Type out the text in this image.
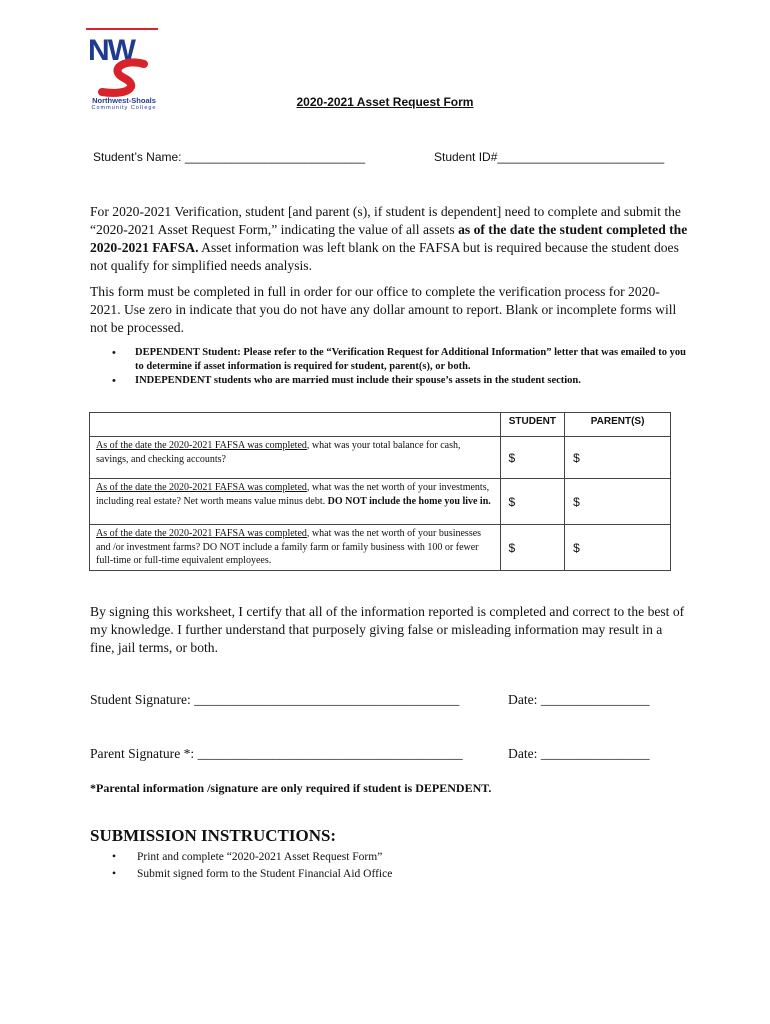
NW
Northwest-Shoals
Community College	2020-2021 Asset Request Form
Student’s Name: ___________________________	Student ID#_________________________
For 2020-2021 Verification, student [and parent (s), if student is dependent] need to complete and submit the “2020-2021 Asset Request Form,” indicating the value of all assets as of the date the student completed the 2020-2021 FAFSA. Asset information was left blank on the FAFSA but is required because the student does not qualify for simplified needs analysis.
This form must be completed in full in order for our office to complete the verification process for 2020-2021. Use zero in indicate that you do not have any dollar amount to report. Blank or incomplete forms will not be processed.
• DEPENDENT Student: Please refer to the “Verification Request for Additional Information” letter that was emailed to you to determine if asset information is required for student, parent(s), or both.
• INDEPENDENT students who are married must include their spouse’s assets in the student section.
	STUDENT	PARENT(S)
As of the date the 2020-2021 FAFSA was completed, what was your total balance for cash, savings, and checking accounts?	$	$
As of the date the 2020-2021 FAFSA was completed, what was the net worth of your investments, including real estate? Net worth means value minus debt. DO NOT include the home you live in.	$	$
As of the date the 2020-2021 FAFSA was completed, what was the net worth of your businesses and /or investment farms? DO NOT include a family farm or family business with 100 or fewer full-time or full-time equivalent employees.	$	$
By signing this worksheet, I certify that all of the information reported is completed and correct to the best of my knowledge. I further understand that purposely giving false or misleading information may result in a fine, jail terms, or both.
Student Signature: _______________________________________	Date: ________________
Parent Signature *: _______________________________________	Date: ________________
*Parental information /signature are only required if student is DEPENDENT.
SUBMISSION INSTRUCTIONS:
• Print and complete “2020-2021 Asset Request Form”
• Submit signed form to the Student Financial Aid Office
